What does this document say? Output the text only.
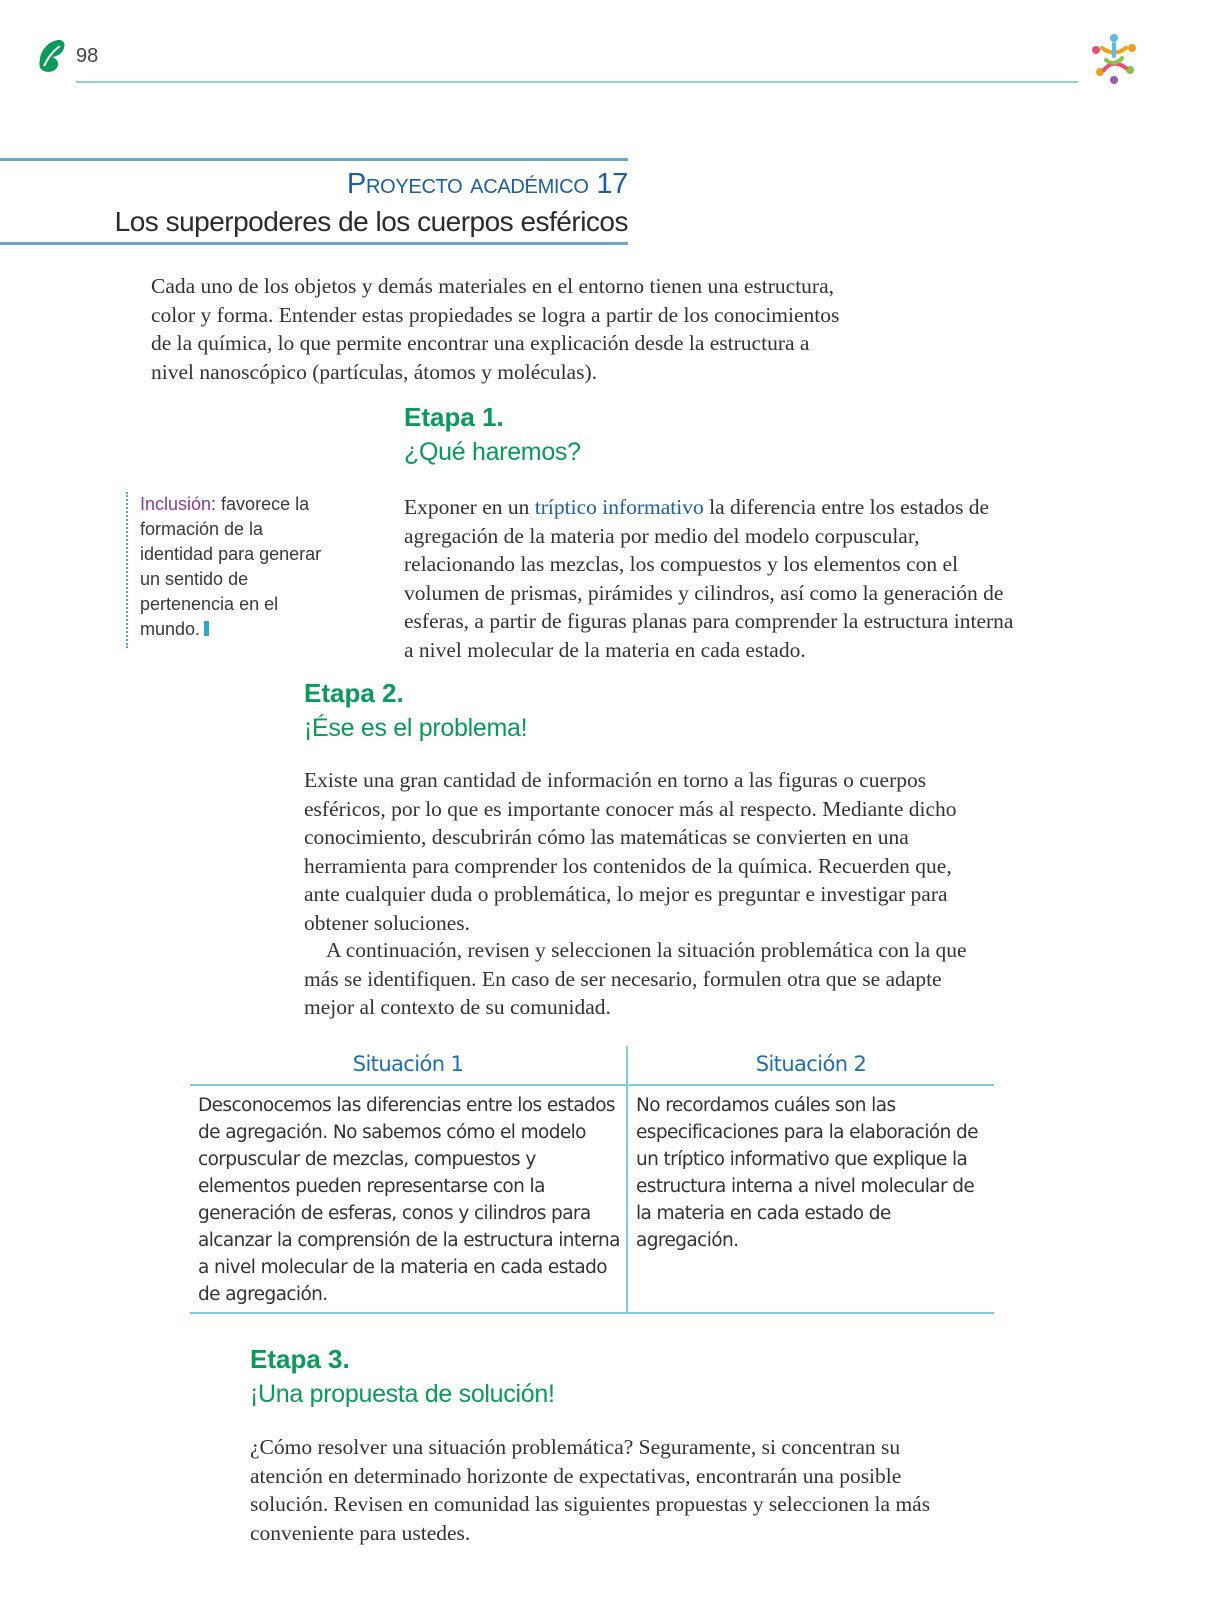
98
Proyecto académico 17
Los superpoderes de los cuerpos esféricos

Cada uno de los objetos y demás materiales en el entorno tienen una estructura, color y forma. Entender estas propiedades se logra a partir de los conocimientos de la química, lo que permite encontrar una explicación desde la estructura a nivel nanoscópico (partículas, átomos y moléculas).

Etapa 1.
¿Qué haremos?
Inclusión: favorece la formación de la identidad para generar un sentido de pertenencia en el mundo.

Exponer en un tríptico informativo la diferencia entre los estados de agregación de la materia por medio del modelo corpuscular, relacionando las mezclas, los compuestos y los elementos con el volumen de prismas, pirámides y cilindros, así como la generación de esferas, a partir de figuras planas para comprender la estructura interna a nivel molecular de la materia en cada estado.

Etapa 2.
¡Ése es el problema!

Existe una gran cantidad de información en torno a las figuras o cuerpos esféricos, por lo que es importante conocer más al respecto. Mediante dicho conocimiento, descubrirán cómo las matemáticas se convierten en una herramienta para comprender los contenidos de la química. Recuerden que, ante cualquier duda o problemática, lo mejor es preguntar e investigar para obtener soluciones.

A continuación, revisen y seleccionen la situación problemática con la que más se identifiquen. En caso de ser necesario, formulen otra que se adapte mejor al contexto de su comunidad.

Situación 1

Desconocemos las diferencias entre los estados de agregación. No sabemos cómo el modelo corpuscular de mezclas, compuestos y elementos pueden representarse con la generación de esferas, conos y cilindros para alcanzar la comprensión de la estructura interna a nivel molecular de la materia en cada estado de agregación.

Situación 2

No recordamos cuáles son las especificaciones para la elaboración de un tríptico informativo que explique la estructura interna a nivel molecular de la materia en cada estado de agregación.

Etapa 3.
¡Una propuesta de solución!

¿Cómo resolver una situación problemática? Seguramente, si concentran su atención en determinado horizonte de expectativas, encontrarán una posible solución. Revisen en comunidad las siguientes propuestas y seleccionen la más conveniente para ustedes.
